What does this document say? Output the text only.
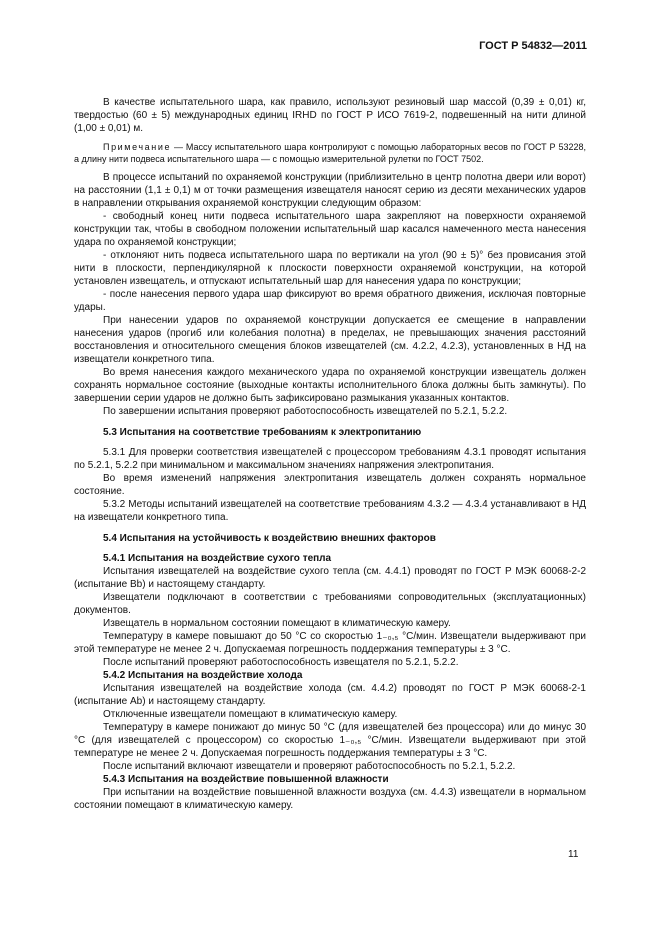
ГОСТ Р 54832—2011

В качестве испытательного шара, как правило, используют резиновый шар массой (0,39 ± 0,01) кг, твердостью (60 ± 5) международных единиц IRHD по ГОСТ Р ИСО 7619-2, подвешенный на нити длиной (1,00 ± 0,01) м.

Примечание — Массу испытательного шара контролируют с помощью лабораторных весов по ГОСТ Р 53228, а длину нити подвеса испытательного шара — с помощью измерительной рулетки по ГОСТ 7502.

В процессе испытаний по охраняемой конструкции (приблизительно в центр полотна двери или ворот) на расстоянии (1,1 ± 0,1) м от точки размещения извещателя наносят серию из десяти механических ударов в направлении открывания охраняемой конструкции следующим образом:

- свободный конец нити подвеса испытательного шара закрепляют на поверхности охраняемой конструкции так, чтобы в свободном положении испытательный шар касался намеченного места нанесения удара по охраняемой конструкции;

- отклоняют нить подвеса испытательного шара по вертикали на угол (90 ± 5)° без провисания этой нити в плоскости, перпендикулярной к плоскости поверхности охраняемой конструкции, на которой установлен извещатель, и отпускают испытательный шар для нанесения удара по конструкции;

- после нанесения первого удара шар фиксируют во время обратного движения, исключая повторные удары.

При нанесении ударов по охраняемой конструкции допускается ее смещение в направлении нанесения ударов (прогиб или колебания полотна) в пределах, не превышающих значения расстояний восстановления и относительного смещения блоков извещателей (см. 4.2.2, 4.2.3), установленных в НД на извещатели конкретного типа.

Во время нанесения каждого механического удара по охраняемой конструкции извещатель должен сохранять нормальное состояние (выходные контакты исполнительного блока должны быть замкнуты). По завершении серии ударов не должно быть зафиксировано размыкания указанных контактов.

По завершении испытания проверяют работоспособность извещателей по 5.2.1, 5.2.2.

5.3 Испытания на соответствие требованиям к электропитанию

5.3.1 Для проверки соответствия извещателей с процессором требованиям 4.3.1 проводят испытания по 5.2.1, 5.2.2 при минимальном и максимальном значениях напряжения электропитания.

Во время изменений напряжения электропитания извещатель должен сохранять нормальное состояние.

5.3.2 Методы испытаний извещателей на соответствие требованиям 4.3.2 — 4.3.4 устанавливают в НД на извещатели конкретного типа.

5.4 Испытания на устойчивость к воздействию внешних факторов

5.4.1 Испытания на воздействие сухого тепла

Испытания извещателей на воздействие сухого тепла (см. 4.4.1) проводят по ГОСТ Р МЭК 60068-2-2 (испытание Bb) и настоящему стандарту.

Извещатели подключают в соответствии с требованиями сопроводительных (эксплуатационных) документов.

Извещатель в нормальном состоянии помещают в климатическую камеру.

Температуру в камере повышают до 50 °С со скоростью 1₋₀,₅ °С/мин. Извещатели выдерживают при этой температуре не менее 2 ч. Допускаемая погрешность поддержания температуры ± 3 °С.

После испытаний проверяют работоспособность извещателя по 5.2.1, 5.2.2.

5.4.2 Испытания на воздействие холода

Испытания извещателей на воздействие холода (см. 4.4.2) проводят по ГОСТ Р МЭК 60068-2-1 (испытание Ab) и настоящему стандарту.

Отключенные извещатели помещают в климатическую камеру.

Температуру в камере понижают до минус 50 °С (для извещателей без процессора) или до минус 30 °С (для извещателей с процессором) со скоростью 1₋₀,₅ °С/мин. Извещатели выдерживают при этой температуре не менее 2 ч. Допускаемая погрешность поддержания температуры ± 3 °С.

После испытаний включают извещатели и проверяют работоспособность по 5.2.1, 5.2.2.

5.4.3 Испытания на воздействие повышенной влажности

При испытании на воздействие повышенной влажности воздуха (см. 4.4.3) извещатели в нормальном состоянии помещают в климатическую камеру.

11
